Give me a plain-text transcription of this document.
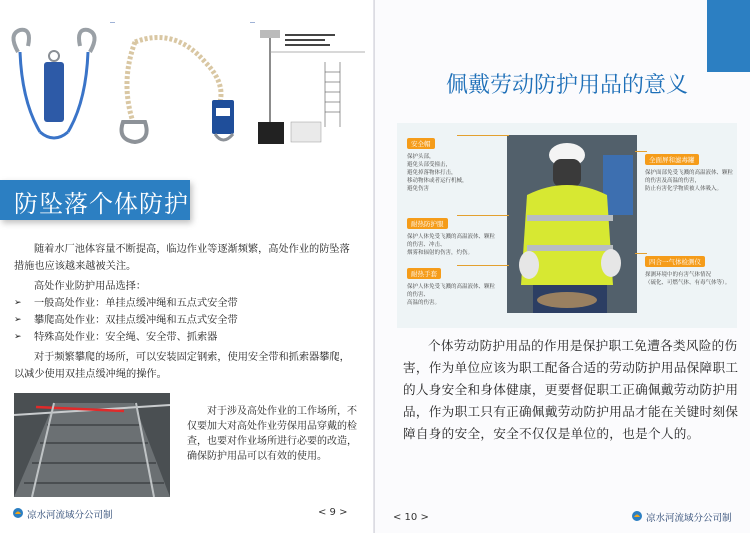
防坠落个体防护

随着水厂池体容量不断提高，临边作业等逐渐频繁，高处作业的防坠落措施也应该越来越被关注。

高处作业防护用品选择：

➢ 一般高处作业：单挂点缓冲绳和五点式安全带
➢ 攀爬高处作业：双挂点缓冲绳和五点式安全带
➢ 特殊高处作业：安全绳、安全带、抓索器

对于频繁攀爬的场所，可以安装固定钢索，使用安全带和抓索器攀爬，以减少使用双挂点缓冲绳的操作。

对于涉及高处作业的工作场所，不仅要加大对高处作业劳保用品穿戴的检查，也要对作业场所进行必要的改造，确保防护用品可以有效的使用。

凉水河流域分公司制	< 9 >
佩戴劳动防护用品的意义
安全帽
保护头部，
避免头部受撞击，
避免掉落物体打击，
移动物体或者运行机械，
避免伤害
耐热防护服
保护人体免受飞溅的高温液体、颗粒的伤害、冲击、
烟雾和辐射的伤害，灼伤。
耐热手套
保护人体免受飞溅的高温液体、颗粒的伤害、
高温的伤害。
全面屏和滤毒罐
保护面部免受飞溅的高温液体、颗粒的伤害及高温的伤害，
防止有害化学物质被人体吸入。
四合一气体检测仪
探测环境中的有害气体情况
（硫化、可燃气体、有毒气体等）。

个体劳动防护用品的作用是保护职工免遭各类风险的伤害，作为单位应该为职工配备合适的劳动防护用品保障职工的人身安全和身体健康，更要督促职工正确佩戴劳动防护用品，作为职工只有正确佩戴劳动防护用品才能在关键时刻保障自身的安全，安全不仅仅是单位的，也是个人的。

< 10 >	凉水河流域分公司制
